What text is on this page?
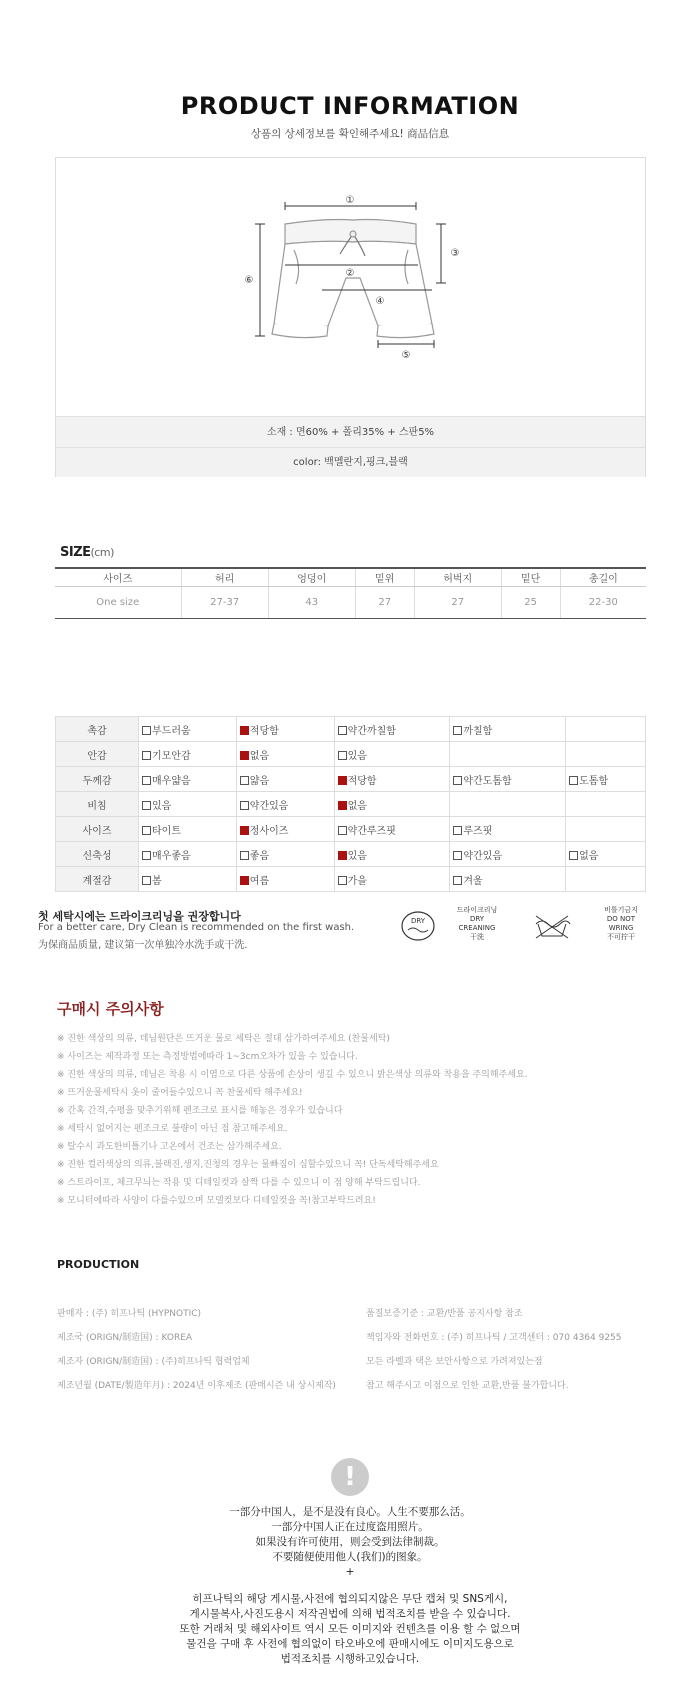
PRODUCT INFORMATION
상품의 상세정보를 확인해주세요! 商品信息
①
②
③
④
⑤
⑥
소재 : 면60% + 폴리35% + 스판5%
color: 백멜란지,핑크,블랙
SIZE(cm)
사이즈	허리	엉덩이	밑위	허벅지	밑단	총길이
One size	27-37	43	27	27	25	22-30
촉감	부드러움	적당함	약간까칠함	까칠함	
안감	기모안감	없음	있음		
두께감	매우얇음	얇음	적당함	약간도톰함	도톰함
비침	있음	약간있음	없음		
사이즈	타이트	정사이즈	약간루즈핏	루즈핏	
신축성	매우좋음	좋음	있음	약간있음	없음
계절감	봄	여름	가을	겨울	
첫 세탁시에는 드라이크리닝을 권장합니다
For a better care, Dry Clean is recommended on the first wash.
为保商品质量, 建议第一次单独冷水洗手或干洗.
DRY
드라이크리닝
DRY
CREANING
干洗
비틀기금지
DO NOT
WRING
不可拧干
구매시 주의사항
※ 진한 색상의 의류, 데님원단은 뜨거운 물로 세탁은 절대 삼가하여주세요 (찬물세탁)
※ 사이즈는 제작과정 또는 측정방법에따라 1~3cm오차가 있을 수 있습니다.
※ 진한 색상의 의류, 데님은 착용 시 이염으로 다른 상품에 손상이 생길 수 있으니 밝은색상 의류와 착용을 주의해주세요.
※ 뜨거운물세탁시 옷이 줄어들수있으니 꼭 찬물세탁 해주세요!
※ 간혹 간격,수평을 맞추기위해 펜조크로 표시를 해놓은 경우가 있습니다
※ 세탁시 없어지는 펜조크로 불량이 아닌 점 참고해주세요.
※ 탈수시 과도한비틀기나 고온에서 건조는 삼가해주세요.
※ 진한 컬러색상의 의류,블랙진,생지,진청의 경우는 물빠짐이 심할수있으니 꼭! 단독세탁해주세요
※ 스트라이프, 체크무늬는 작용 및 디테일컷과 살짝 다를 수 있으니 이 점 양해 부탁드립니다.
※ 모니터에따라 사양이 다를수있으며 모델컷보다 디테일컷을 꼭!참고부탁드려요!
PRODUCTION
판매자 : (주) 히프나틱 (HYPNOTIC)
제조국 (ORIGN/制造国) : KOREA
제조자 (ORIGN/制造国) : (주)히프나틱 협력업체
제조년월 (DATE/製造年月) : 2024년 이후제조 (판매시즌 내 상시제작)
품질보증기준 : 교환/반품 공지사항 참조
책임자와 전화번호 : (주) 히프나틱 / 고객센터 : 070 4364 9255
모든 라벨과 택은 보안사항으로 가려져있는점
참고 해주시고 이점으로 인한 교환,반품 불가합니다.
!
一部分中国人，是不是没有良心。人生不要那么活。
一部分中国人正在过度盗用照片。
如果没有许可使用，则会受到法律制裁。
不要随便使用他人(我们)的图象。
+
히프나틱의 해당 게시물,사전에 협의되지않은 무단 캡쳐 및 SNS게시,
게시물복사,사진도용시 저작권법에 의해 법적조치를 받을 수 있습니다.
또한 거래처 및 해외사이트 역시 모든 이미지와 컨텐츠를 이용 할 수 없으며
물건을 구매 후 사전에 협의없이 타오바오에 판매시에도 이미지도용으로
법적조치를 시행하고있습니다.
